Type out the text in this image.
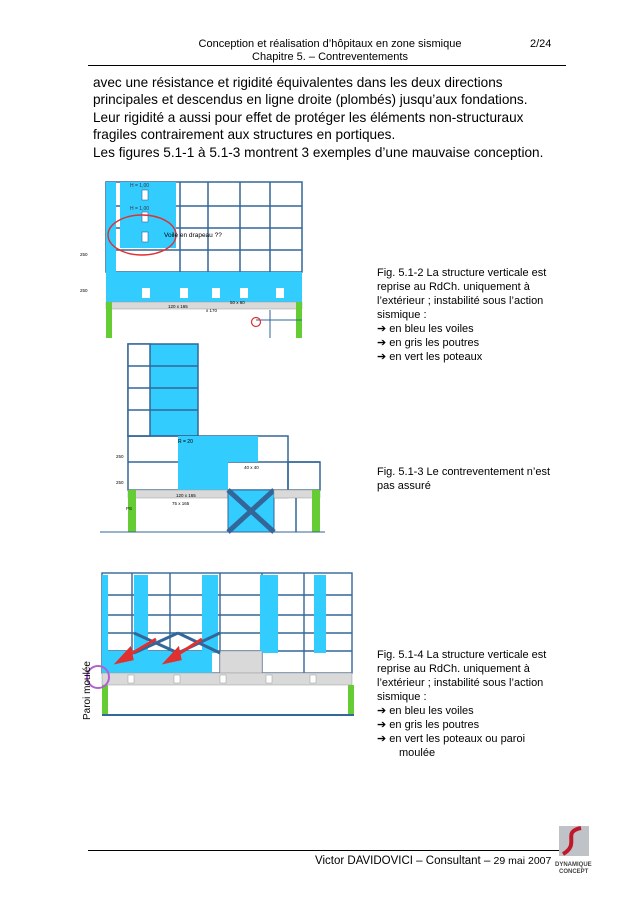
Conception et réalisation d’hôpitaux en zone sismique
Chapitre 5. – Contreventements
2/24

avec une résistance et rigidité équivalentes dans les deux directions principales et descendus en ligne droite (plombés) jusqu’aux fondations.

Leur rigidité a aussi pour effet de protéger les éléments non-structuraux fragiles contrairement aux structures en portiques.

Les figures 5.1-1 à 5.1-3 montrent 3 exemples d’une mauvaise conception.

H = 1,00
H = 1,00
Voile en drapeau ??
250
250
120 x 165
50 x 60
x 170

Fig. 5.1-2 La structure verticale est reprise au RdCh. uniquement à l’extérieur ; instabilité sous l’action sismique :

➔ en bleu les voiles

➔ en gris les poutres

➔ en vert les poteaux

R = 20
40 x 40
250
250
120 x 165
75 x 165
PS

Fig. 5.1-3 Le contreventement n’est pas assuré

Paroi moulée

Fig. 5.1-4 La structure verticale est reprise au RdCh. uniquement à l’extérieur ; instabilité sous l’action sismique :

➔ en bleu les voiles

➔ en gris les poutres

➔ en vert les poteaux ou paroi

moulée

Victor DAVIDOVICI – Consultant – 29 mai 2007 DYNAMIQUE
CONCEPT
